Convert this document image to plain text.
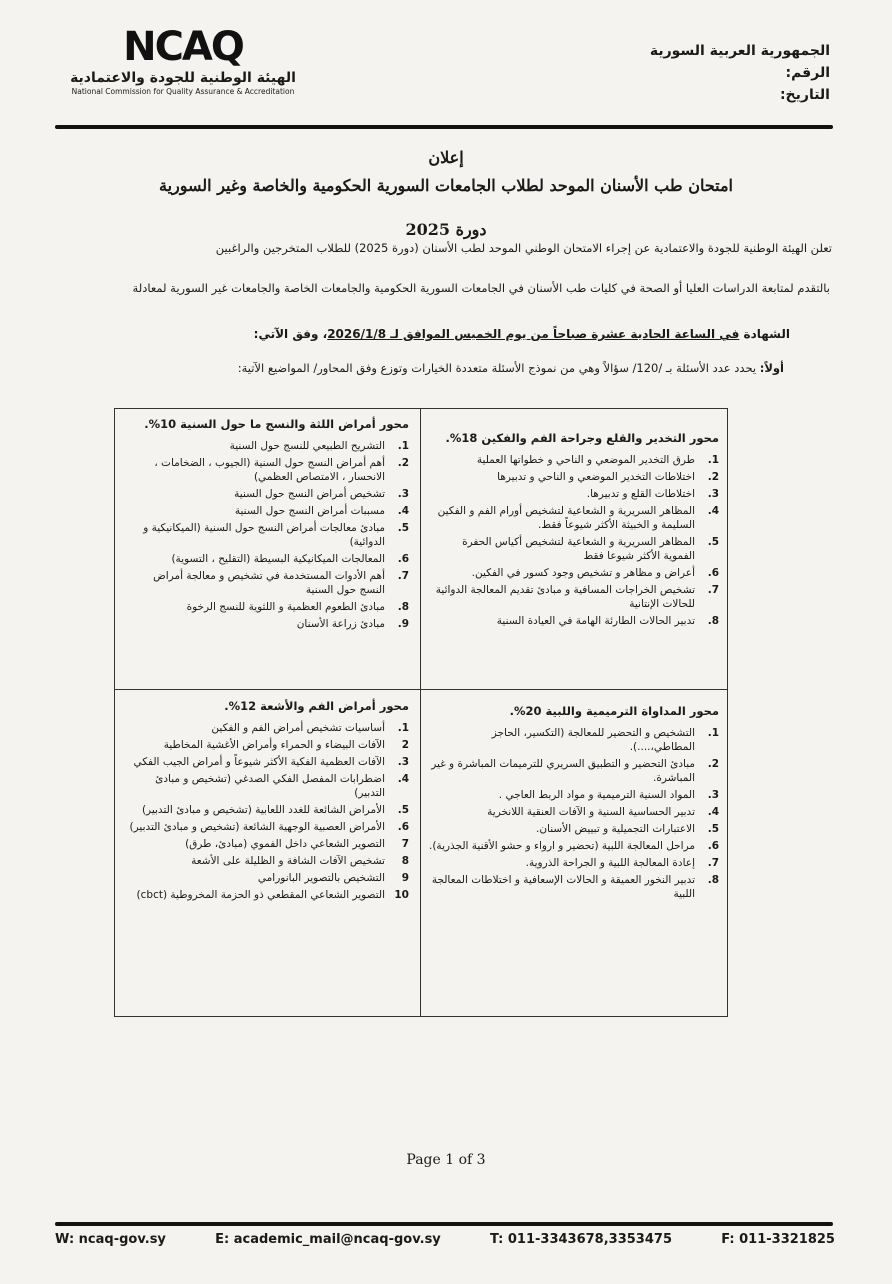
الجمهورية العربية السورية
الرقم:
التاريخ:
NCAQ
الهيئة الوطنية للجودة والاعتمادية
National Commission for Quality Assurance & Accreditation
إعلان
امتحان طب الأسنان الموحد لطلاب الجامعات السورية الحكومية والخاصة وغير السورية
دورة 2025
تعلن الهيئة الوطنية للجودة والاعتمادية عن إجراء الامتحان الوطني الموحد لطب الأسنان (دورة 2025) للطلاب المتخرجين والراغبين
بالتقدم لمتابعة الدراسات العليا أو الصحة في كليات طب الأسنان في الجامعات السورية الحكومية والجامعات الخاصة والجامعات غير السورية لمعادلة
الشهادة في الساعة الحادية عشرة صباحاً من يوم الخميس الموافق لـ 2026/1/8، وفق الآتي:
أولاً: يحدد عدد الأسئلة بـ /120/ سؤالاً وهي من نموذج الأسئلة متعددة الخيارات وتوزع وفق المحاور/ المواضيع الآتية:
محور التخدير والقلع وجراحة الفم والفكين 18%.
1.
طرق التخدير الموضعي و الناحي و خطواتها العملية
2.
اختلاطات التخدير الموضعي و الناحي و تدبيرها
3.
اختلاطات القلع و تدبيرها.
4.
المظاهر السريرية و الشعاعية لتشخيص أورام الفم و الفكين السليمة و الخبيثة الأكثر شيوعاً فقط.
5.
المظاهر السريرية و الشعاعية لتشخيص أكياس الحفرة الفموية الأكثر شيوعا فقط
6.
أعراض و مظاهر و تشخيص وجود كسور في الفكين.
7.
تشخيص الخراجات المسافية و مبادئ تقديم المعالجة الدوائية للحالات الإنتانية
8.
تدبير الحالات الطارئة الهامة في العيادة السنية
محور أمراض اللثة والنسج ما حول السنية 10%.
1.
التشريح الطبيعي للنسج حول السنية
2.
أهم أمراض النسج حول السنية (الجيوب ، الضخامات ، الانحسار ، الامتصاص العظمي)
3.
تشخيص أمراض النسج حول السنية
4.
مسببات أمراض النسج حول السنية
5.
مبادئ معالجات أمراض النسج حول السنية (الميكانيكية و الدوائية)
6.
المعالجات الميكانيكية البسيطة (التقليح ، التسوية)
7.
أهم الأدوات المستخدمة في تشخيص و معالجة أمراض النسج حول السنية
8.
مبادئ الطعوم العظمية و اللثوية للنسج الرخوة
9.
مبادئ زراعة الأسنان
محور المداواة الترميمية واللبية 20%.
1.
التشخيص و التحضير للمعالجة (التكسير، الحاجز المطاطي،....).
2.
مبادئ التحضير و التطبيق السريري للترميمات المباشرة و غير المباشرة.
3.
المواد السنية الترميمية و مواد الربط العاجي .
4.
تدبير الحساسية السنية و الآفات العنقية اللانخرية
5.
الاعتبارات التجميلية و تبييض الأسنان.
6.
مراحل المعالجة اللبية (تحضير و ارواء و حشو الأقنية الجذرية).
7.
إعادة المعالجة اللبية و الجراحة الذروية.
8.
تدبير النخور العميقة و الحالات الإسعافية و اختلاطات المعالجة اللبية
محور أمراض الفم والأشعة 12%.
1.
أساسيات تشخيص أمراض الفم و الفكين
2
الآفات البيضاء و الحمراء وأمراض الأغشية المخاطية
3.
الآفات العظمية الفكية الأكثر شيوعاً و أمراض الجيب الفكي
4.
اضطرابات المفصل الفكي الصدغي (تشخيص و مبادئ التدبير)
5.
الأمراض الشائعة للغدد اللعابية (تشخيص و مبادئ التدبير)
6.
الأمراض العصبية الوجهية الشائعة (تشخيص و مبادئ التدبير)
7
التصوير الشعاعي داخل الفموي (مبادئ، طرق)
8
تشخيص الآفات الشافة و الظليلة على الأشعة
9
التشخيص بالتصوير البانورامي
10
التصوير الشعاعي المقطعي ذو الحزمة المخروطية (cbct)
Page 1 of 3
W: ncaq-gov.sy	E: academic_mail@ncaq-gov.sy	T: 011-3343678,3353475	F: 011-3321825
